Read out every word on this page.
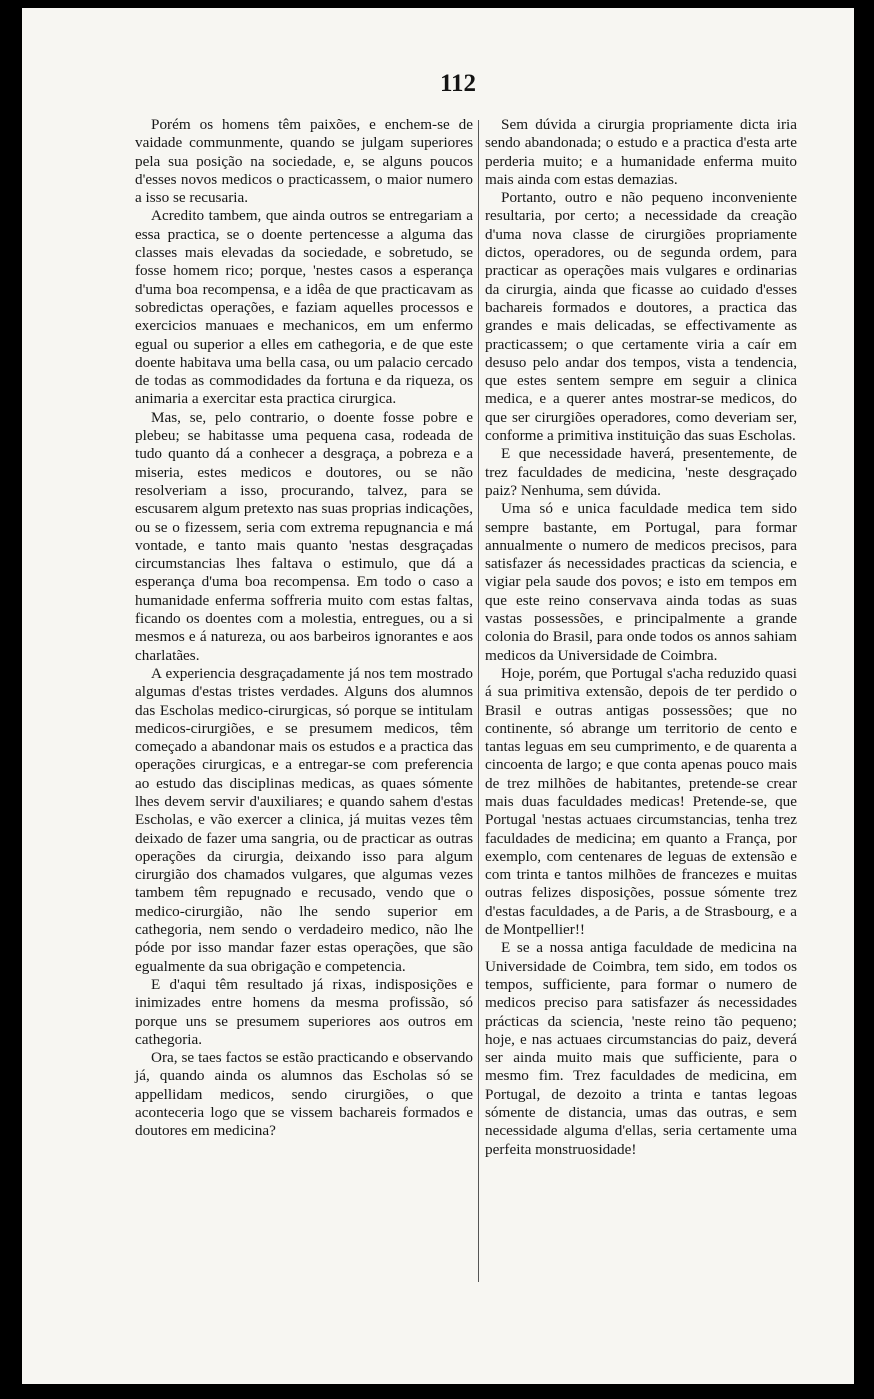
112

Porém os homens têm paixões, e enchem-se de vaidade communmente, quando se julgam superiores pela sua posição na sociedade, e, se alguns poucos d'esses novos medicos o practicassem, o maior numero a isso se recusaria.

Acredito tambem, que ainda outros se entregariam a essa practica, se o doente pertencesse a alguma das classes mais elevadas da sociedade, e sobretudo, se fosse homem rico; porque, 'nestes casos a esperança d'uma boa recompensa, e a idêa de que practicavam as sobredictas operações, e faziam aquelles processos e exercicios manuaes e mechanicos, em um enfermo egual ou superior a elles em cathegoria, e de que este doente habitava uma bella casa, ou um palacio cercado de todas as commodidades da fortuna e da riqueza, os animaria a exercitar esta practica cirurgica.

Mas, se, pelo contrario, o doente fosse pobre e plebeu; se habitasse uma pequena casa, rodeada de tudo quanto dá a conhecer a desgraça, a pobreza e a miseria, estes medicos e doutores, ou se não resolveriam a isso, procurando, talvez, para se escusarem algum pretexto nas suas proprias indicações, ou se o fizessem, seria com extrema repugnancia e má vontade, e tanto mais quanto 'nestas desgraçadas circumstancias lhes faltava o estimulo, que dá a esperança d'uma boa recompensa. Em todo o caso a humanidade enferma soffreria muito com estas faltas, ficando os doentes com a molestia, entregues, ou a si mesmos e á natureza, ou aos barbeiros ignorantes e aos charlatães.

A experiencia desgraçadamente já nos tem mostrado algumas d'estas tristes verdades. Alguns dos alumnos das Escholas medico-cirurgicas, só porque se intitulam medicos-cirurgiões, e se presumem medicos, têm começado a abandonar mais os estudos e a practica das operações cirurgicas, e a entregar-se com preferencia ao estudo das disciplinas medicas, as quaes sómente lhes devem servir d'auxiliares; e quando sahem d'estas Escholas, e vão exercer a clinica, já muitas vezes têm deixado de fazer uma sangria, ou de practicar as outras operações da cirurgia, deixando isso para algum cirurgião dos chamados vulgares, que algumas vezes tambem têm repugnado e recusado, vendo que o medico-cirurgião, não lhe sendo superior em cathegoria, nem sendo o verdadeiro medico, não lhe póde por isso mandar fazer estas operações, que são egualmente da sua obrigação e competencia.

E d'aqui têm resultado já rixas, indisposições e inimizades entre homens da mesma profissão, só porque uns se presumem superiores aos outros em cathegoria.

Ora, se taes factos se estão practicando e observando já, quando ainda os alumnos das Escholas só se appellidam medicos, sendo cirurgiões, o que aconteceria logo que se vissem bachareis formados e doutores em medicina?

Sem dúvida a cirurgia propriamente dicta iria sendo abandonada; o estudo e a practica d'esta arte perderia muito; e a humanidade enferma muito mais ainda com estas demazias.

Portanto, outro e não pequeno inconveniente resultaria, por certo; a necessidade da creação d'uma nova classe de cirurgiões propriamente dictos, operadores, ou de segunda ordem, para practicar as operações mais vulgares e ordinarias da cirurgia, ainda que ficasse ao cuidado d'esses bachareis formados e doutores, a practica das grandes e mais delicadas, se effectivamente as practicassem; o que certamente viria a caír em desuso pelo andar dos tempos, vista a tendencia, que estes sentem sempre em seguir a clinica medica, e a querer antes mostrar-se medicos, do que ser cirurgiões operadores, como deveriam ser, conforme a primitiva instituição das suas Escholas.

E que necessidade haverá, presentemente, de trez faculdades de medicina, 'neste desgraçado paiz? Nenhuma, sem dúvida.

Uma só e unica faculdade medica tem sido sempre bastante, em Portugal, para formar annualmente o numero de medicos precisos, para satisfazer ás necessidades practicas da sciencia, e vigiar pela saude dos povos; e isto em tempos em que este reino conservava ainda todas as suas vastas possessões, e principalmente a grande colonia do Brasil, para onde todos os annos sahiam medicos da Universidade de Coimbra.

Hoje, porém, que Portugal s'acha reduzido quasi á sua primitiva extensão, depois de ter perdido o Brasil e outras antigas possessões; que no continente, só abrange um territorio de cento e tantas leguas em seu cumprimento, e de quarenta a cincoenta de largo; e que conta apenas pouco mais de trez milhões de habitantes, pretende-se crear mais duas faculdades medicas! Pretende-se, que Portugal 'nestas actuaes circumstancias, tenha trez faculdades de medicina; em quanto a França, por exemplo, com centenares de leguas de extensão e com trinta e tantos milhões de francezes e muitas outras felizes disposições, possue sómente trez d'estas faculdades, a de Paris, a de Strasbourg, e a de Montpellier!!

E se a nossa antiga faculdade de medicina na Universidade de Coimbra, tem sido, em todos os tempos, sufficiente, para formar o numero de medicos preciso para satisfazer ás necessidades prácticas da sciencia, 'neste reino tão pequeno; hoje, e nas actuaes circumstancias do paiz, deverá ser ainda muito mais que sufficiente, para o mesmo fim. Trez faculdades de medicina, em Portugal, de dezoito a trinta e tantas legoas sómente de distancia, umas das outras, e sem necessidade alguma d'ellas, seria certamente uma perfeita monstruosidade!
